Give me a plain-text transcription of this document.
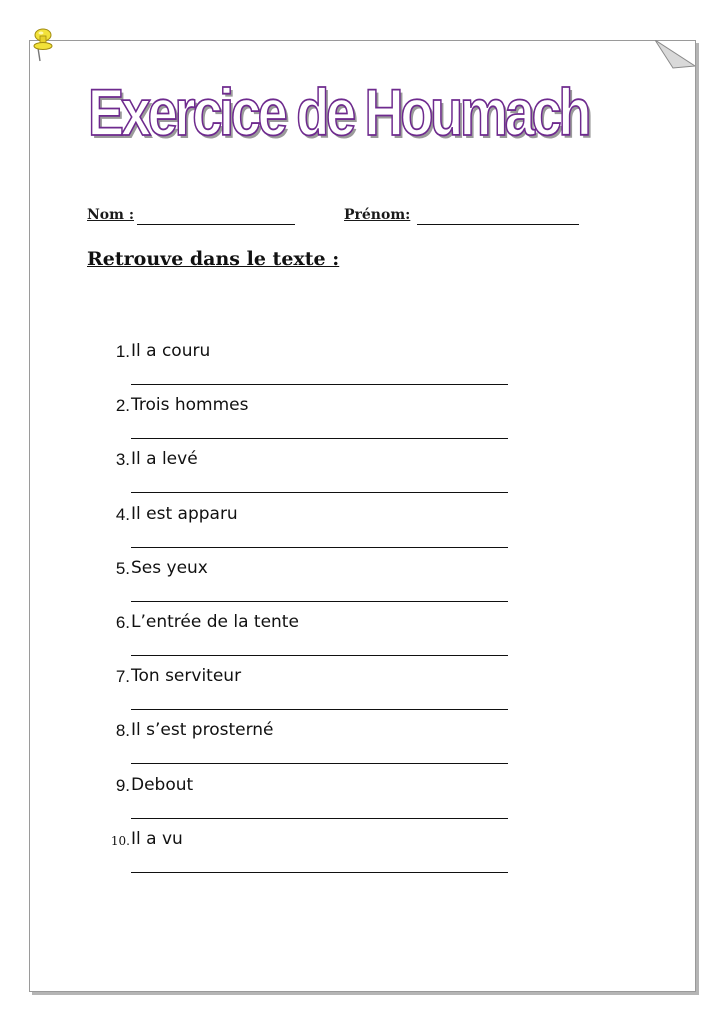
Exercice de Houmach
Nom :	Prénom:
Retrouve dans le texte :
1. Il a couru
2. Trois hommes
3. Il a levé
4. Il est apparu
5. Ses yeux
6. L’entrée de la tente
7. Ton serviteur
8. Il s’est prosterné
9. Debout
10. Il a vu
